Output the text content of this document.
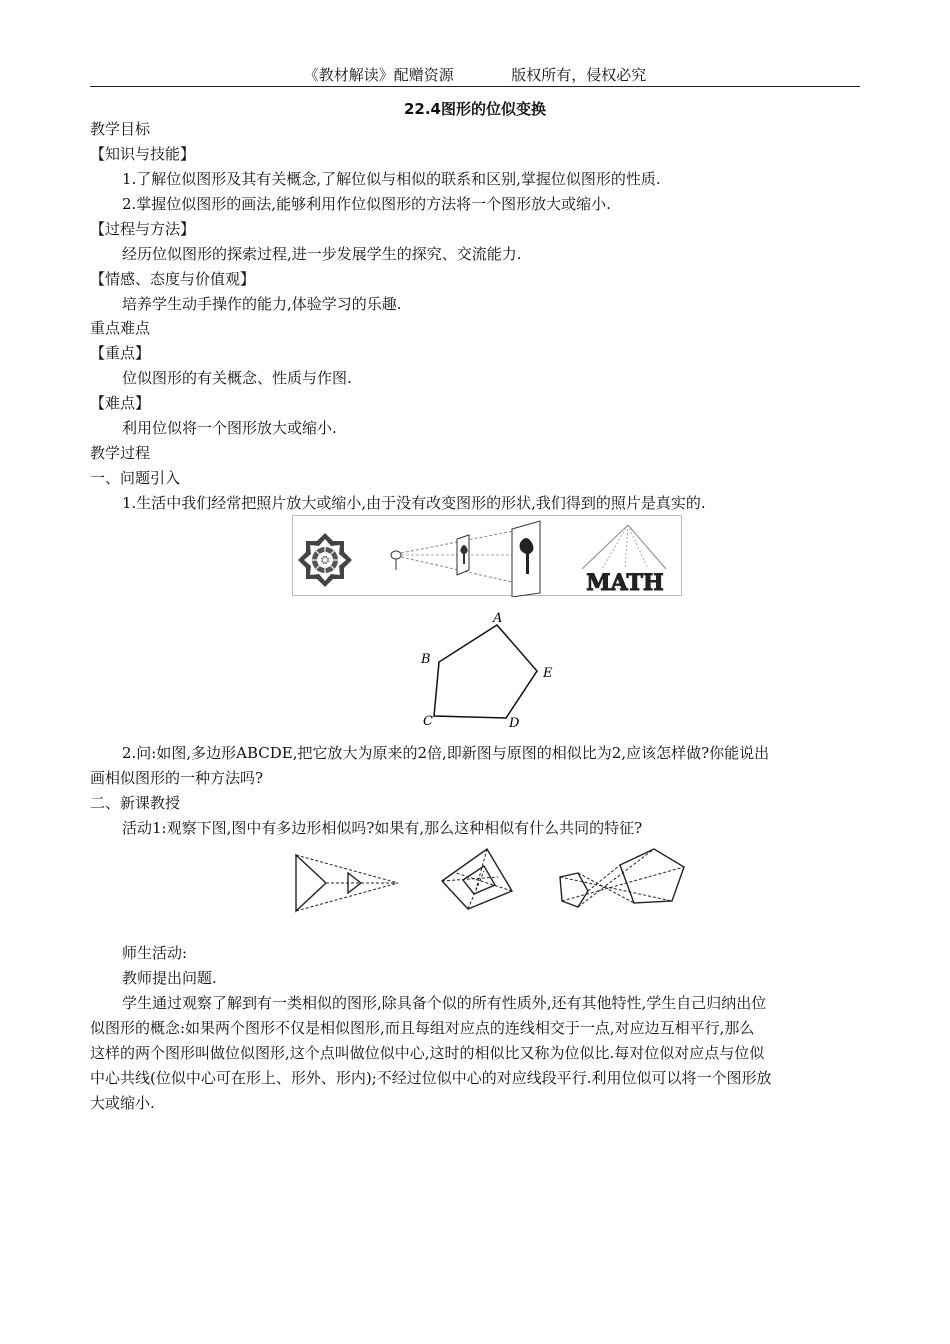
《教材解读》配赠资源	版权所有，侵权必究
22.4图形的位似变换
教学目标
【知识与技能】
1.了解位似图形及其有关概念,了解位似与相似的联系和区别,掌握位似图形的性质.
2.掌握位似图形的画法,能够利用作位似图形的方法将一个图形放大或缩小.
【过程与方法】
经历位似图形的探索过程,进一步发展学生的探究、交流能力.
【情感、态度与价值观】
培养学生动手操作的能力,体验学习的乐趣.
重点难点
【重点】
位似图形的有关概念、性质与作图.
【难点】
利用位似将一个图形放大或缩小.
教学过程
一、问题引入
1.生活中我们经常把照片放大或缩小,由于没有改变图形的形状,我们得到的照片是真实的.
MATH
A
B
C	D
E
2.问:如图,多边形ABCDE,把它放大为原来的2倍,即新图与原图的相似比为2,应该怎样做?你能说出
画相似图形的一种方法吗?
二、新课教授
活动1:观察下图,图中有多边形相似吗?如果有,那么这种相似有什么共同的特征?
师生活动:
教师提出问题.
学生通过观察了解到有一类相似的图形,除具备个似的所有性质外,还有其他特性,学生自己归纳出位
似图形的概念:如果两个图形不仅是相似图形,而且每组对应点的连线相交于一点,对应边互相平行,那么
这样的两个图形叫做位似图形,这个点叫做位似中心,这时的相似比又称为位似比.每对位似对应点与位似
中心共线(位似中心可在形上、形外、形内);不经过位似中心的对应线段平行.利用位似可以将一个图形放
大或缩小.
